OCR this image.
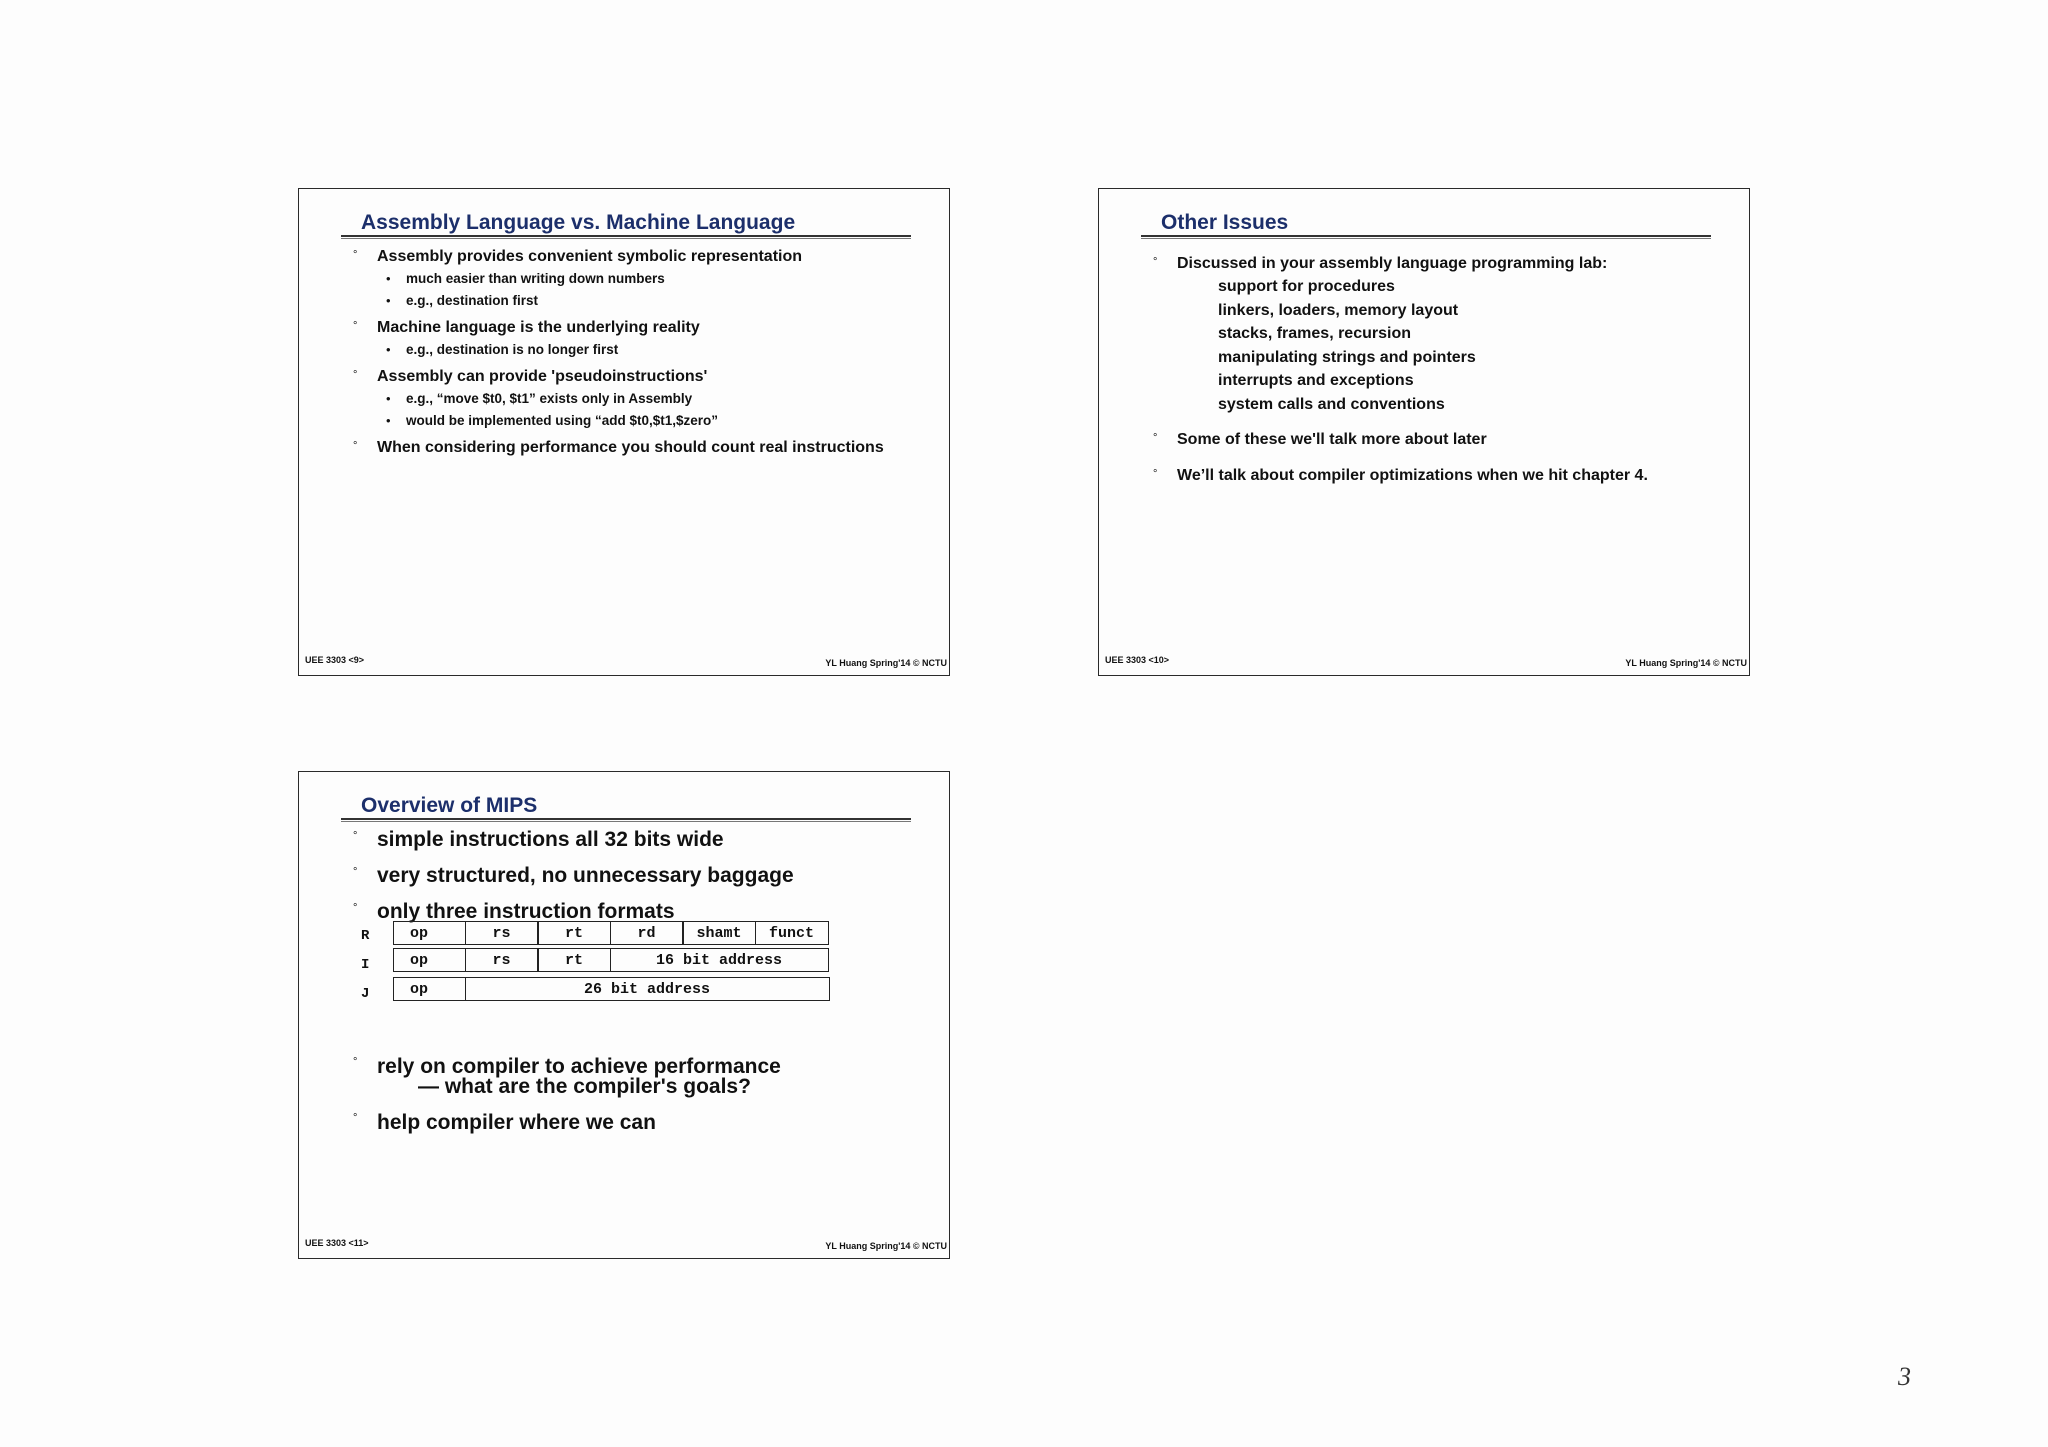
Assembly Language vs. Machine Language
° Assembly provides convenient symbolic representation
• much easier than writing down numbers
• e.g., destination first
° Machine language is the underlying reality
• e.g., destination is no longer first
° Assembly can provide 'pseudoinstructions'
• e.g., “move $t0, $t1” exists only in Assembly
• would be implemented using “add $t0,$t1,$zero”
° When considering performance you should count real instructions
UEE 3303 <9>	YL Huang Spring'14 © NCTU
Other Issues
° Discussed in your assembly language programming lab:
support for procedures
linkers, loaders, memory layout
stacks, frames, recursion
manipulating strings and pointers
interrupts and exceptions
system calls and conventions
° Some of these we'll talk more about later
° We’ll talk about compiler optimizations when we hit chapter 4.
UEE 3303 <10>	YL Huang Spring'14 © NCTU
Overview of MIPS
° simple instructions all 32 bits wide
° very structured, no unnecessary baggage
° only three instruction formats
R	op	rs	rt	rd	shamt	funct
I	op	rs	rt	16 bit address
J	op	26 bit address
° rely on compiler to achieve performance
— what are the compiler's goals?
° help compiler where we can
UEE 3303 <11>	YL Huang Spring'14 © NCTU
3
